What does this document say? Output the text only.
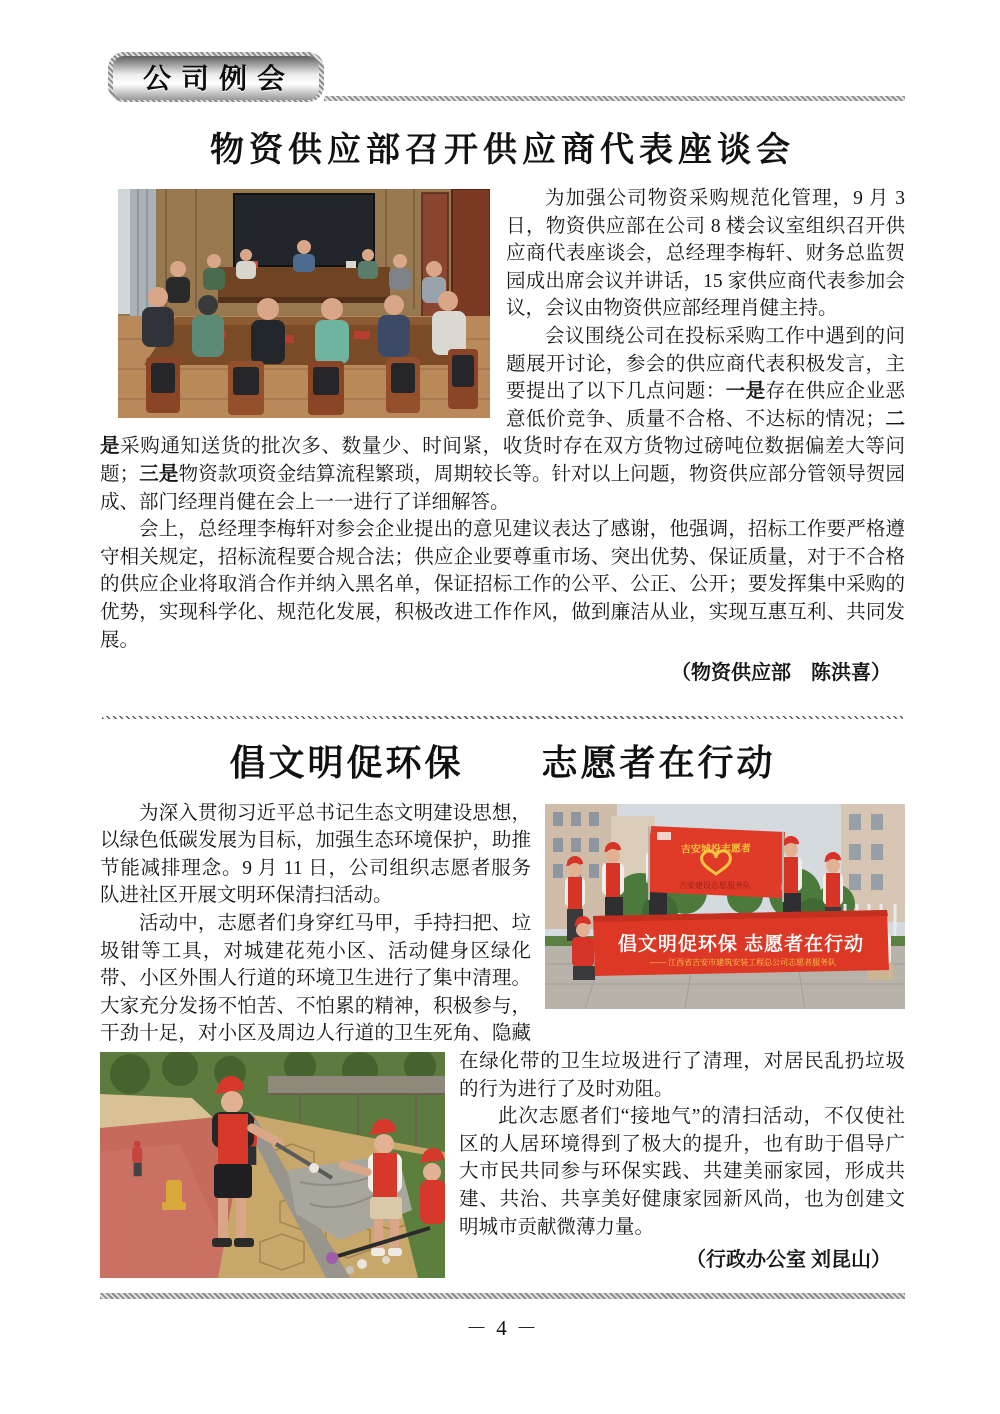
公司例会
物资供应部召开供应商代表座谈会

为加强公司物资采购规范化管理，9 月 3 日，物资供应部在公司 8 楼会议室组织召开供应商代表座谈会，总经理李梅轩、财务总监贺园成出席会议并讲话，15 家供应商代表参加会议，会议由物资供应部经理肖健主持。

会议围绕公司在投标采购工作中遇到的问题展开讨论，参会的供应商代表积极发言，主要提出了以下几点问题：一是存在供应企业恶意低价竞争、质量不合格、不达标的情况；二是采购通知送货的批次多、数量少、时间紧，收货时存在双方货物过磅吨位数据偏差大等问题；三是物资款项资金结算流程繁琐，周期较长等。针对以上问题，物资供应部分管领导贺园成、部门经理肖健在会上一一进行了详细解答。

会上，总经理李梅轩对参会企业提出的意见建议表达了感谢，他强调，招标工作要严格遵守相关规定，招标流程要合规合法；供应企业要尊重市场、突出优势、保证质量，对于不合格的供应企业将取消合作并纳入黑名单，保证招标工作的公平、公正、公开；要发挥集中采购的优势，实现科学化、规范化发展，积极改进工作作风，做到廉洁从业，实现互惠互利、共同发展。

（物资供应部　陈洪喜）

倡文明促环保　　志愿者在行动
吉安城投志愿者
吉安建设志愿服务队
倡文明促环保 志愿者在行动
—— 江西省吉安市建筑安装工程总公司志愿者服务队

为深入贯彻习近平总书记生态文明建设思想，以绿色低碳发展为目标，加强生态环境保护，助推节能减排理念。9 月 11 日，公司组织志愿者服务队进社区开展文明环保清扫活动。

活动中，志愿者们身穿红马甲，手持扫把、垃圾钳等工具，对城建花苑小区、活动健身区绿化带、小区外围人行道的环境卫生进行了集中清理。大家充分发扬不怕苦、不怕累的精神，积极参与，干劲
十足，对小区及周边人行道的卫生死角、隐藏在绿化带的卫生垃圾进行了清理，对居民乱扔垃圾的行为进行了及时劝阻。

此次志愿者们“接地气”的清扫活动，不仅使社区的人居环境得到了极大的提升，也有助于倡导广大市民共同参与环保实践、共建美丽家园，形成共建、共治、共享美好健康家园新风尚，也为创建文明城市贡献微薄力量。

（行政办公室 刘昆山）

－ 4 －
